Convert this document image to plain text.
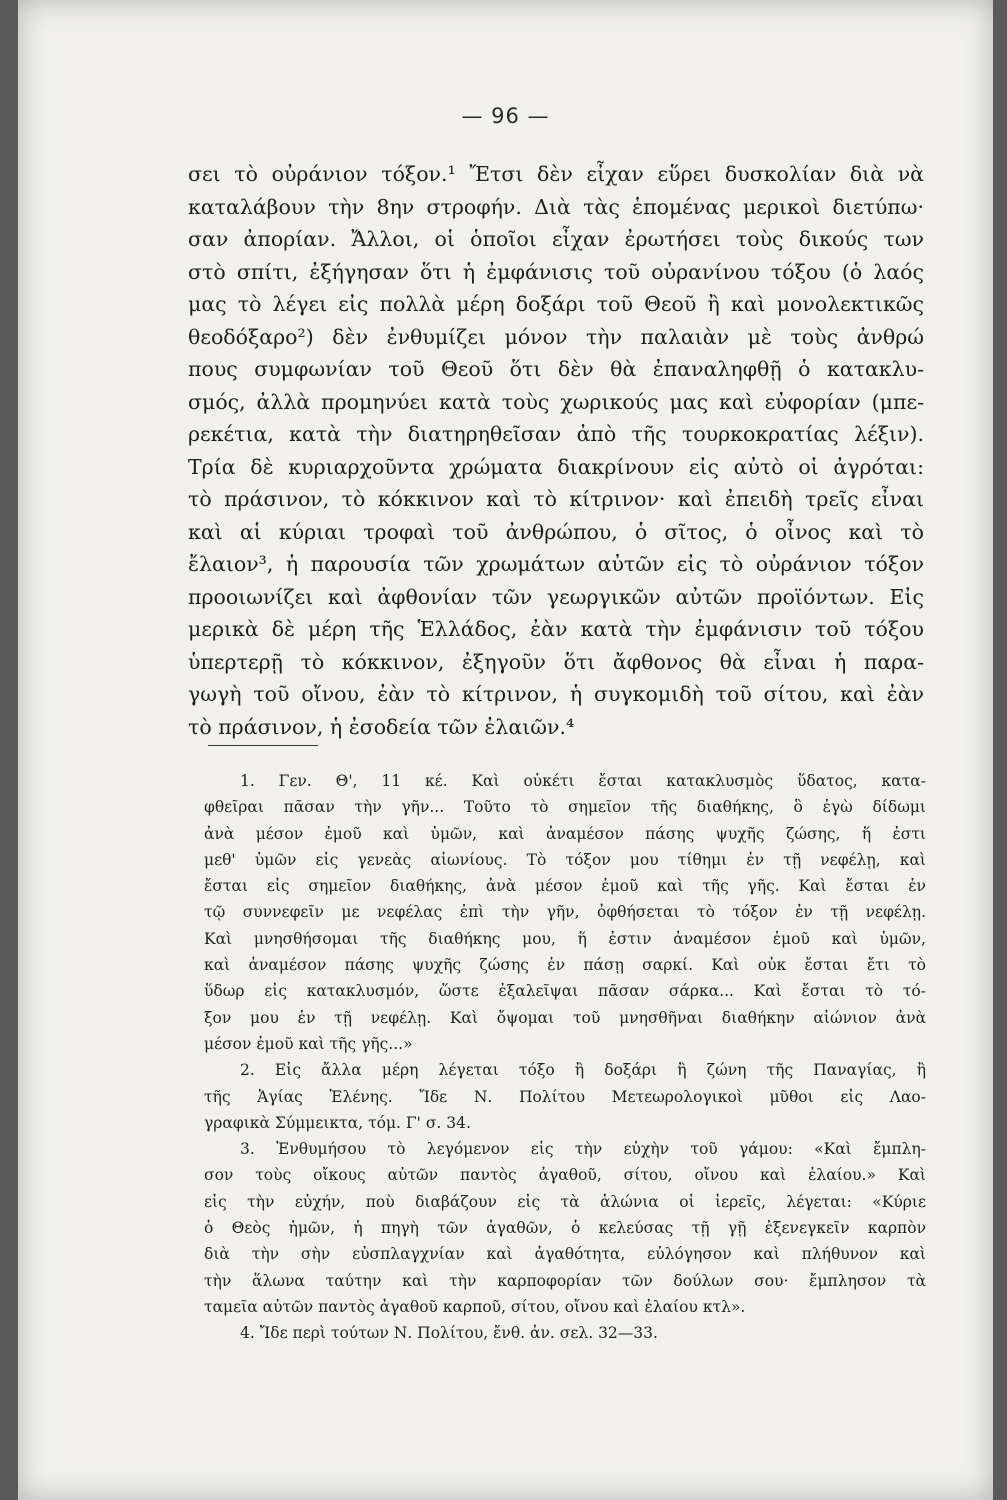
— 96 —
σει τὸ οὐράνιον τόξον.¹ Ἔτσι δὲν εἶχαν εὕρει δυσκολίαν διὰ νὰ
καταλάβουν τὴν 8ην στροφήν. Διὰ τὰς ἑπομένας μερικοὶ διετύπω·
σαν ἀπορίαν. Ἄλλοι, οἱ ὁποῖοι εἶχαν ἐρωτήσει τοὺς δικούς των
στὸ σπίτι, ἐξήγησαν ὅτι ἡ ἐμφάνισις τοῦ οὐρανίνου τόξου (ὁ λαός
μας τὸ λέγει εἰς πολλὰ μέρη δοξάρι τοῦ Θεοῦ ἢ καὶ μονολεκτικῶς
θεοδόξαρο²) δὲν ἐνθυμίζει μόνον τὴν παλαιὰν μὲ τοὺς ἀνθρώ
πους συμφωνίαν τοῦ Θεοῦ ὅτι δὲν θὰ ἐπαναληφθῇ ὁ κατακλυ-
σμός, ἀλλὰ προμηνύει κατὰ τοὺς χωρικούς μας καὶ εὐφορίαν (μπε-
ρεκέτια, κατὰ τὴν διατηρηθεῖσαν ἀπὸ τῆς τουρκοκρατίας λέξιν).
Τρία δὲ κυριαρχοῦντα χρώματα διακρίνουν εἰς αὐτὸ οἱ ἀγρόται:
τὸ πράσινον, τὸ κόκκινον καὶ τὸ κίτρινον· καὶ ἐπειδὴ τρεῖς εἶναι
καὶ αἱ κύριαι τροφαὶ τοῦ ἀνθρώπου, ὁ σῖτος, ὁ οἶνος καὶ τὸ
ἔλαιον³, ἡ παρουσία τῶν χρωμάτων αὐτῶν εἰς τὸ οὐράνιον τόξον
προοιωνίζει καὶ ἀφθονίαν τῶν γεωργικῶν αὐτῶν προϊόντων. Εἰς
μερικὰ δὲ μέρη τῆς Ἑλλάδος, ἐὰν κατὰ τὴν ἐμφάνισιν τοῦ τόξου
ὑπερτερῇ τὸ κόκκινον, ἐξηγοῦν ὅτι ἄφθονος θὰ εἶναι ἡ παρα-
γωγὴ τοῦ οἴνου, ἐὰν τὸ κίτρινον, ἡ συγκομιδὴ τοῦ σίτου, καὶ ἐὰν
τὸ πράσινον, ἡ ἐσοδεία τῶν ἐλαιῶν.⁴
1. Γεν. Θ', 11 κέ. Καὶ οὐκέτι ἔσται κατακλυσμὸς ὕδατος, κατα-
φθεῖραι πᾶσαν τὴν γῆν... Τοῦτο τὸ σημεῖον τῆς διαθήκης, ὃ ἐγὼ δίδωμι
ἀνὰ μέσον ἐμοῦ καὶ ὑμῶν, καὶ ἀναμέσον πάσης ψυχῆς ζώσης, ἥ ἐστι
μεθ' ὑμῶν εἰς γενεὰς αἰωνίους. Τὸ τόξον μου τίθημι ἐν τῇ νεφέλῃ, καὶ
ἔσται εἰς σημεῖον διαθήκης, ἀνὰ μέσον ἐμοῦ καὶ τῆς γῆς. Καὶ ἔσται ἐν
τῷ συννεφεῖν με νεφέλας ἐπὶ τὴν γῆν, ὀφθήσεται τὸ τόξον ἐν τῇ νεφέλῃ.
Καὶ μνησθήσομαι τῆς διαθήκης μου, ἥ ἐστιν ἀναμέσον ἐμοῦ καὶ ὑμῶν,
καὶ ἀναμέσον πάσης ψυχῆς ζώσης ἐν πάσῃ σαρκί. Καὶ οὐκ ἔσται ἔτι τὸ
ὕδωρ εἰς κατακλυσμόν, ὥστε ἐξαλεῖψαι πᾶσαν σάρκα... Καὶ ἔσται τὸ τό-
ξον μου ἐν τῇ νεφέλῃ. Καὶ ὄψομαι τοῦ μνησθῆναι διαθήκην αἰώνιον ἀνὰ
μέσον ἐμοῦ καὶ τῆς γῆς...»
2. Εἰς ἄλλα μέρη λέγεται τόξο ἢ δοξάρι ἢ ζώνη τῆς Παναγίας, ἢ
τῆς Ἁγίας Ἑλένης. Ἴδε Ν. Πολίτου Μετεωρολογικοὶ μῦθοι εἰς Λαο-
γραφικὰ Σύμμεικτα, τόμ. Γ' σ. 34.
3. Ἐνθυμήσου τὸ λεγόμενον εἰς τὴν εὐχὴν τοῦ γάμου: «Καὶ ἔμπλη-
σον τοὺς οἴκους αὐτῶν παντὸς ἀγαθοῦ, σίτου, οἴνου καὶ ἐλαίου.» Καὶ
εἰς τὴν εὐχήν, ποὺ διαβάζουν εἰς τὰ ἁλώνια οἱ ἱερεῖς, λέγεται: «Κύριε
ὁ Θεὸς ἡμῶν, ἡ πηγὴ τῶν ἀγαθῶν, ὁ κελεύσας τῇ γῇ ἐξενεγκεῖν καρπὸν
διὰ τὴν σὴν εὐσπλαγχνίαν καὶ ἀγαθότητα, εὐλόγησον καὶ πλήθυνον καὶ
τὴν ἅλωνα ταύτην καὶ τὴν καρποφορίαν τῶν δούλων σου· ἔμπλησον τὰ
ταμεῖα αὐτῶν παντὸς ἀγαθοῦ καρποῦ, σίτου, οἴνου καὶ ἐλαίου κτλ».
4. Ἴδε περὶ τούτων Ν. Πολίτου, ἔνθ. ἀν. σελ. 32—33.
